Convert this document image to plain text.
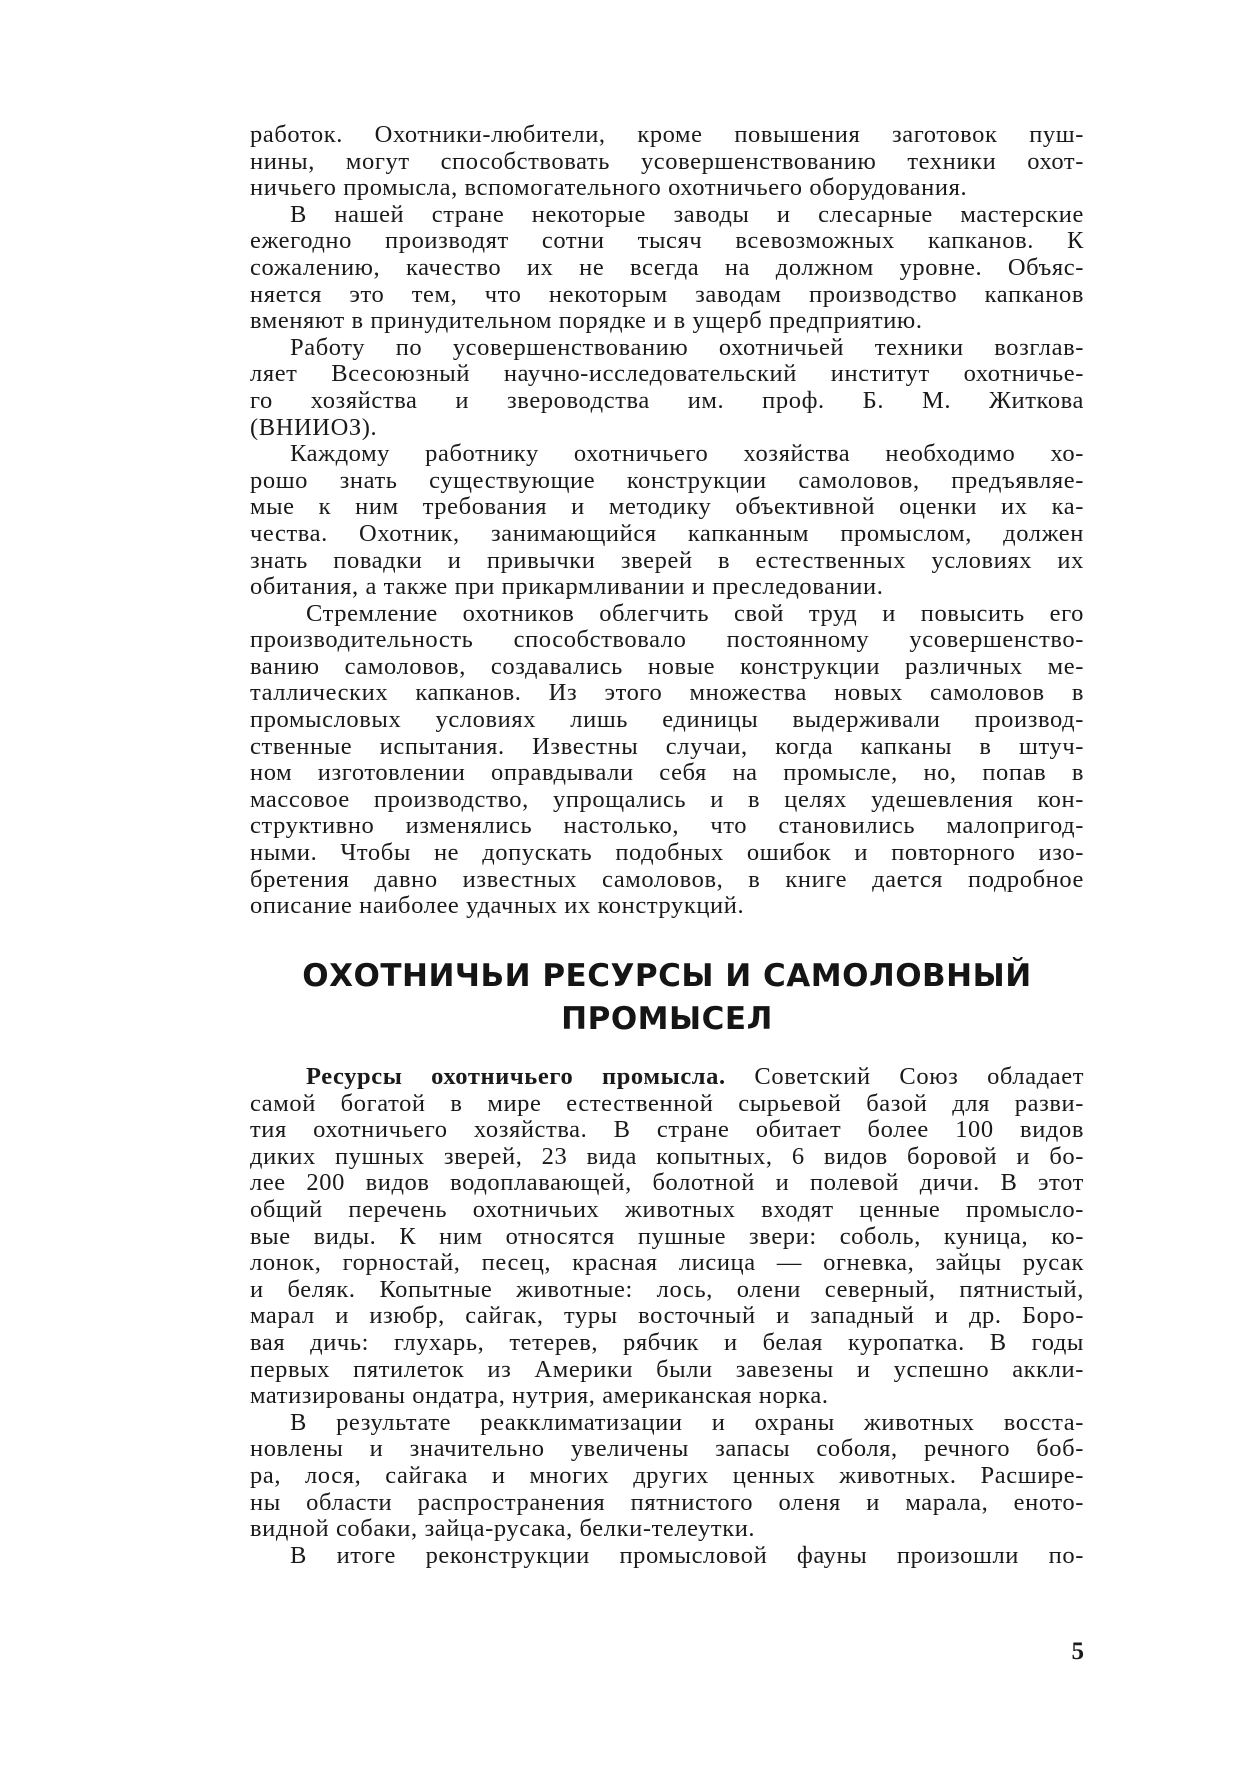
работок. Охотники-любители, кроме повышения заготовок пуш-
нины, могут способствовать усовершенствованию техники охот-
ничьего промысла, вспомогательного охотничьего оборудования.
В нашей стране некоторые заводы и слесарные мастерские
ежегодно производят сотни тысяч всевозможных капканов. К
сожалению, качество их не всегда на должном уровне. Объяс-
няется это тем, что некоторым заводам производство капканов
вменяют в принудительном порядке и в ущерб предприятию.
Работу по усовершенствованию охотничьей техники возглав-
ляет Всесоюзный научно-исследовательский институт охотничье-
го хозяйства и звероводства им. проф. Б. М. Житкова
(ВНИИОЗ).
Каждому работнику охотничьего хозяйства необходимо хо-
рошо знать существующие конструкции самоловов, предъявляе-
мые к ним требования и методику объективной оценки их ка-
чества. Охотник, занимающийся капканным промыслом, должен
знать повадки и привычки зверей в естественных условиях их
обитания, а также при прикармливании и преследовании.
Стремление охотников облегчить свой труд и повысить его
производительность способствовало постоянному усовершенство-
ванию самоловов, создавались новые конструкции различных ме-
таллических капканов. Из этого множества новых самоловов в
промысловых условиях лишь единицы выдерживали производ-
ственные испытания. Известны случаи, когда капканы в штуч-
ном изготовлении оправдывали себя на промысле, но, попав в
массовое производство, упрощались и в целях удешевления кон-
структивно изменялись настолько, что становились малопригод-
ными. Чтобы не допускать подобных ошибок и повторного изо-
бретения давно известных самоловов, в книге дается подробное
описание наиболее удачных их конструкций.
ОХОТНИЧЬИ РЕСУРСЫ И САМОЛОВНЫЙ
ПРОМЫСЕЛ
Ресурсы охотничьего промысла. Советский Союз обладает
самой богатой в мире естественной сырьевой базой для разви-
тия охотничьего хозяйства. В стране обитает более 100 видов
диких пушных зверей, 23 вида копытных, 6 видов боровой и бо-
лее 200 видов водоплавающей, болотной и полевой дичи. В этот
общий перечень охотничьих животных входят ценные промысло-
вые виды. К ним относятся пушные звери: соболь, куница, ко-
лонок, горностай, песец, красная лисица — огневка, зайцы русак
и беляк. Копытные животные: лось, олени северный, пятнистый,
марал и изюбр, сайгак, туры восточный и западный и др. Боро-
вая дичь: глухарь, тетерев, рябчик и белая куропатка. В годы
первых пятилеток из Америки были завезены и успешно аккли-
матизированы ондатра, нутрия, американская норка.
В результате реакклиматизации и охраны животных восста-
новлены и значительно увеличены запасы соболя, речного боб-
ра, лося, сайгака и многих других ценных животных. Расшире-
ны области распространения пятнистого оленя и марала, еното-
видной собаки, зайца-русака, белки-телеутки.
В итоге реконструкции промысловой фауны произошли по-
5
